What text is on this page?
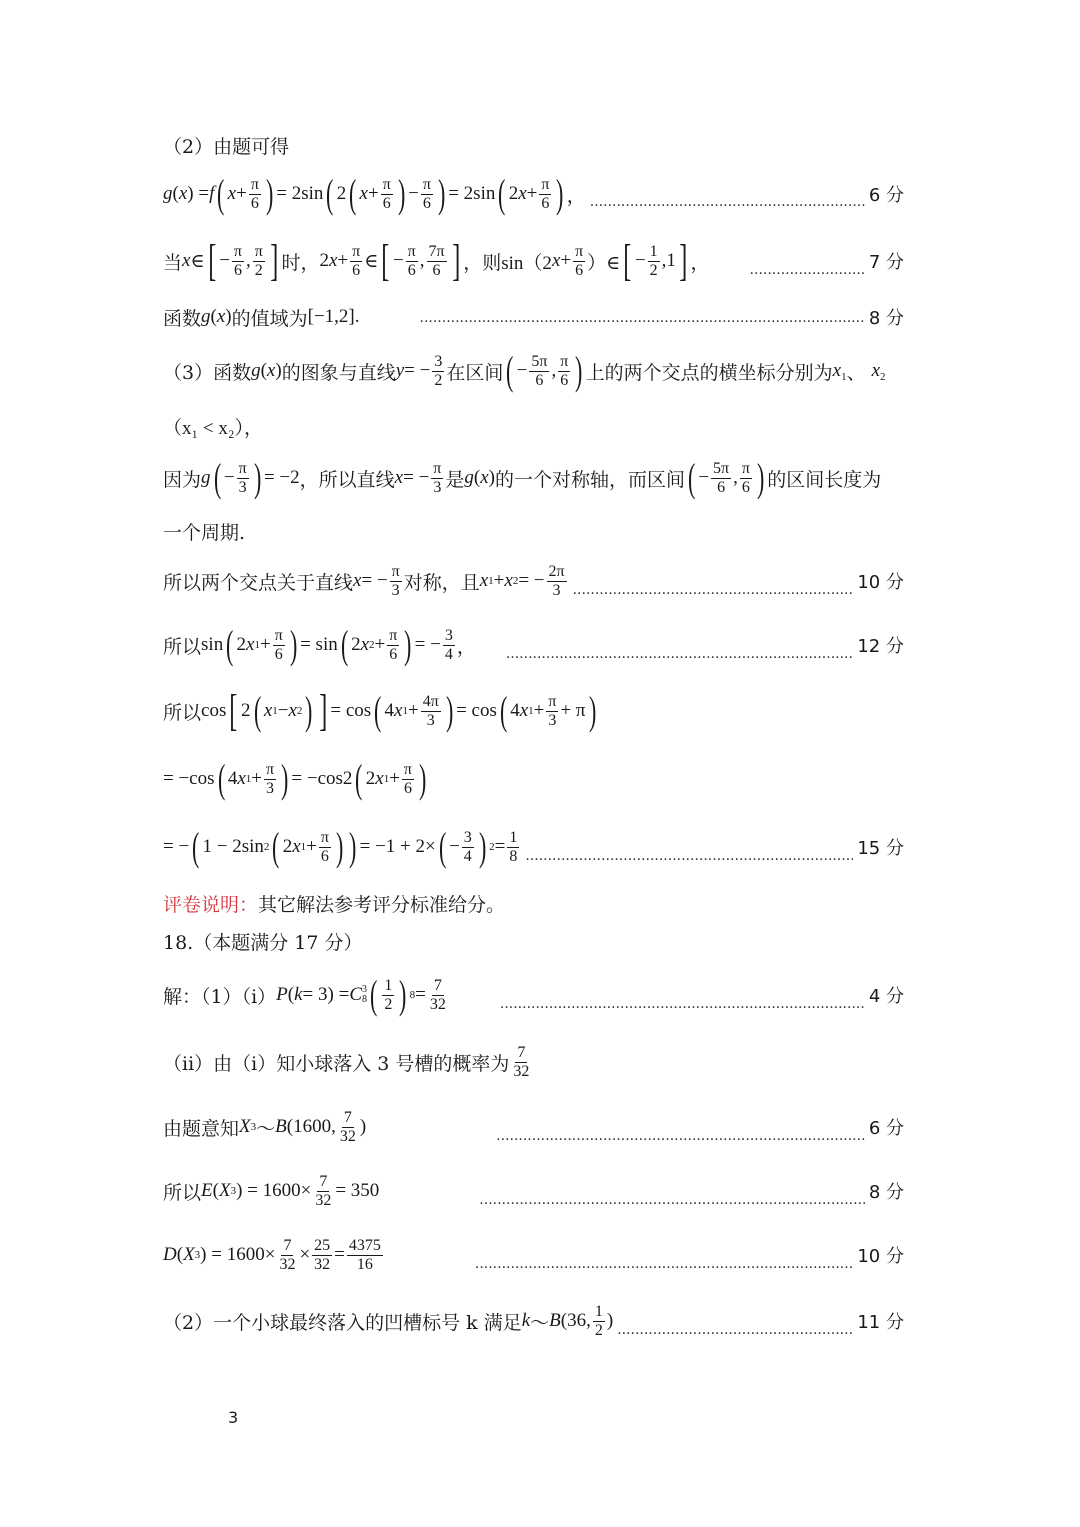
（2）由题可得
g ( x ) = f ( $x + \frac{\pi}{6}$ ) = 2sin ( 2 ( $x + \frac{\pi}{6}$ ) − $\frac{\pi}{6}$ ) = 2sin ( 2 $x + \frac{\pi}{6}$ ) ，
.....	6 分
当 x ∈ [ − $\frac{\pi}{6}$ , $\frac{\pi}{2}$ ] 时， 2 $x + \frac{\pi}{6}$ ∈ [ − $\frac{\pi}{6}$ , $\frac{7\pi}{6}$ ] ，则 sin（2 $x + \frac{\pi}{6}$ ）∈ [ − $\frac{1}{2} ,1$ ] ，
.....	7 分
函数 g(x) 的值域为 [−1,2]. .....	8 分
（3）函数 g(x) 的图象与直线 y = − $\frac{3}{2}$ 在区间 ( − $\frac{5\pi}{6}$ , $\frac{\pi}{6}$ ) 上的两个交点的横坐标分别为 $x_1$ 、 $x_2$
（x₁ < x₂），
因为 g ( − $\frac{\pi}{3}$ ) = −2 ，所以直线 x = − $\frac{\pi}{3}$ 是 g(x) 的一个对称轴，而区间 ( − $\frac{5\pi}{6}$ , $\frac{\pi}{6}$ ) 的区间长度为
一个周期.
所以两个交点关于直线 x = − $\frac{\pi}{3}$ 对称，且 x 1 + x 2 = − $\frac{2\pi}{3}$ .....	10 分
所以 sin ( 2 x $1 + \frac{\pi}{6}$ ) = sin ( 2 x $2 + \frac{\pi}{6}$ ) = − $\frac{3}{4}$ ，
.....	12 分
所以 cos [ 2 ( x 1 − x 2 ) ] = cos ( 4 x $1 + \frac{4\pi}{3}$ ) = cos ( 4 x $1 + \frac{\pi}{3} + \pi$ )
= −cos ( 4 x $1 + \frac{\pi}{3}$ ) = −cos2 ( 2 x $1 + \frac{\pi}{6}$ )
= − ( 1 − 2sin 2 ( 2 x $1 + \frac{\pi}{6}$ ) ) = −1 + 2× ( − $\frac{3}{4}$ ) $2 = \frac{1}{8}$
.....	15 分
评卷说明：其它解法参考评分标准给分。
18.（本题满分 17 分）
解：（1）（i） P ( k = 3) = C 3
8 ( $\frac{1}{2}$ ) $8 = \frac{7}{32}$ .....	4 分
（ii）由（i）知小球落入 3 号槽的概率为 $\frac{7}{32}$
由题意知 X 3 ～ B (1600, $\frac{7}{32}$ ) .....	6 分
所以 E ( X 3 ) = $1600\times \frac{7}{32} = 350$ .....	8 分
D ( X 3 ) = $1600\times \frac{7}{32} \times \frac{25}{32} = \frac{4375}{16}$ .....	10 分
（2）一个小球最终落入的凹槽标号 k 满足 k ～ B (36, $\frac{1}{2}$ ) .....	11 分
3
